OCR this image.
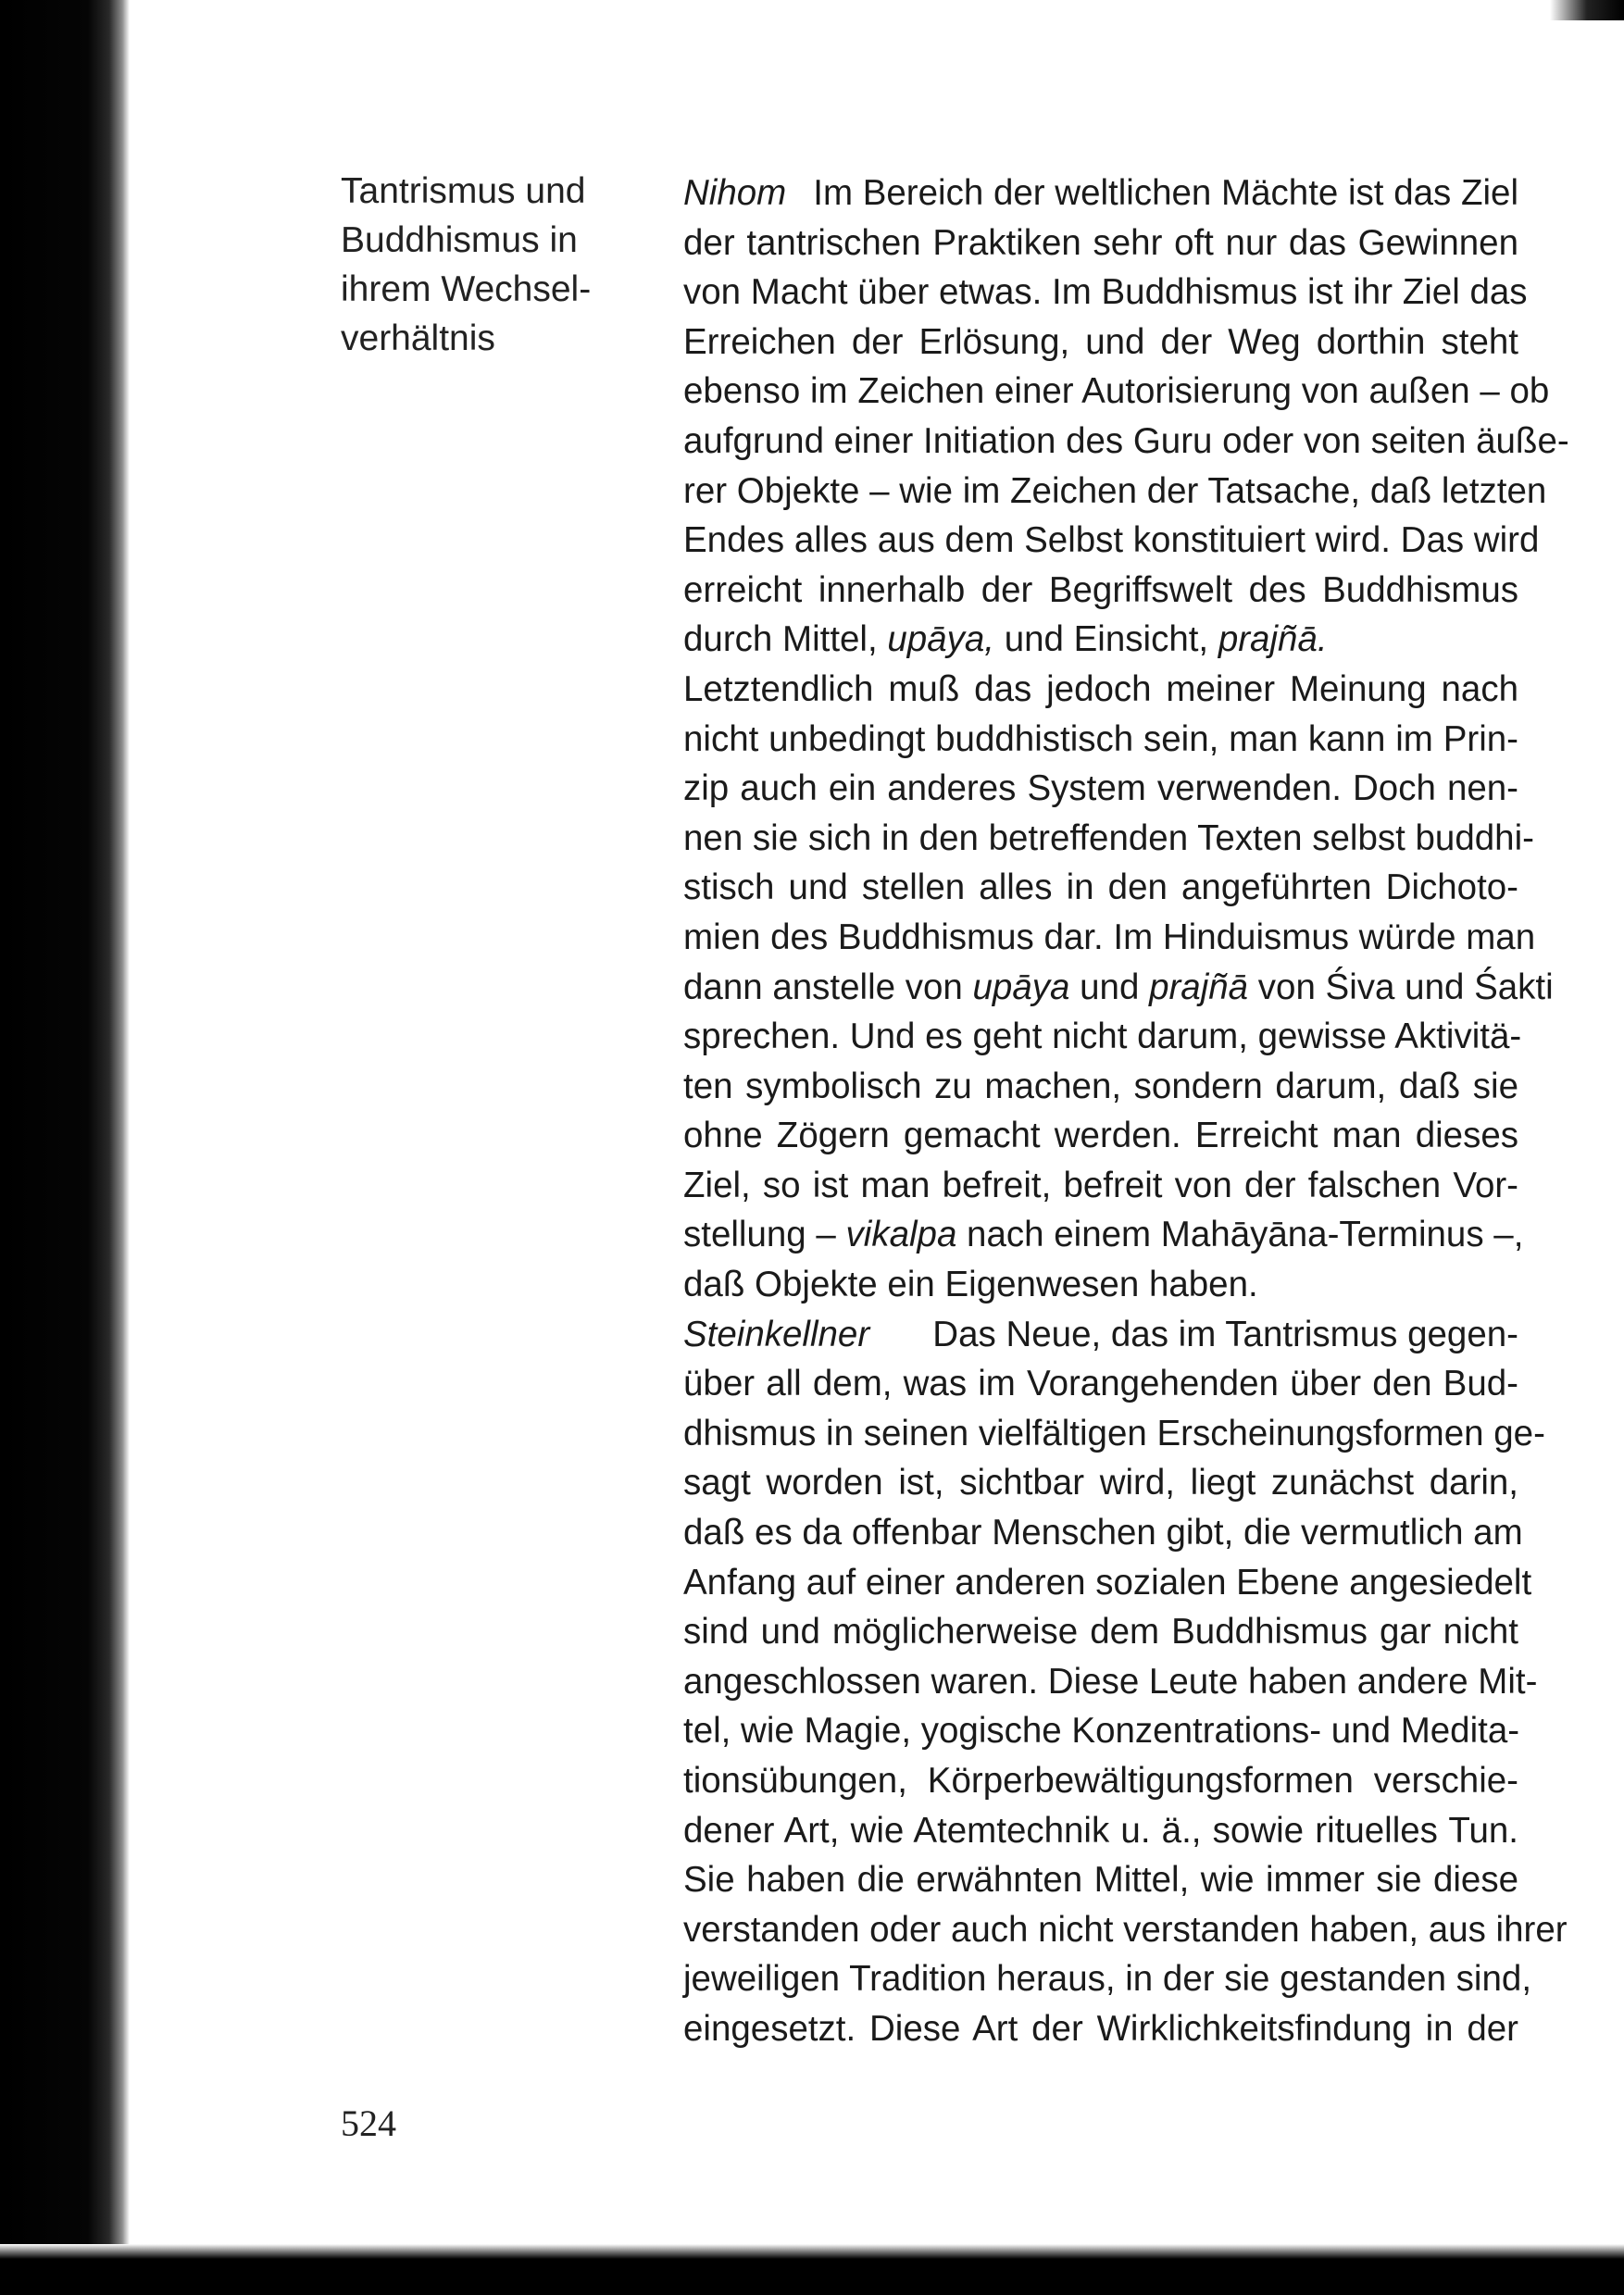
Tantrismus und
Buddhismus in
ihrem Wechsel-
verhältnis
Nihom Im Bereich der weltlichen Mächte ist das Ziel
der tantrischen Praktiken sehr oft nur das Gewinnen
von Macht über etwas. Im Buddhismus ist ihr Ziel das
Erreichen der Erlösung, und der Weg dorthin steht
ebenso im Zeichen einer Autorisierung von außen – ob
aufgrund einer Initiation des Guru oder von seiten äuße-
rer Objekte – wie im Zeichen der Tatsache, daß letzten
Endes alles aus dem Selbst konstituiert wird. Das wird
erreicht innerhalb der Begriffswelt des Buddhismus
durch Mittel, upāya, und Einsicht, prajñā.
Letztendlich muß das jedoch meiner Meinung nach
nicht unbedingt buddhistisch sein, man kann im Prin-
zip auch ein anderes System verwenden. Doch nen-
nen sie sich in den betreffenden Texten selbst buddhi-
stisch und stellen alles in den angeführten Dichoto-
mien des Buddhismus dar. Im Hinduismus würde man
dann anstelle von upāya und prajñā von Śiva und Śakti
sprechen. Und es geht nicht darum, gewisse Aktivitä-
ten symbolisch zu machen, sondern darum, daß sie
ohne Zögern gemacht werden. Erreicht man dieses
Ziel, so ist man befreit, befreit von der falschen Vor-
stellung – vikalpa nach einem Mahāyāna-Terminus –,
daß Objekte ein Eigenwesen haben.
Steinkellner Das Neue, das im Tantrismus gegen-
über all dem, was im Vorangehenden über den Bud-
dhismus in seinen vielfältigen Erscheinungsformen ge-
sagt worden ist, sichtbar wird, liegt zunächst darin,
daß es da offenbar Menschen gibt, die vermutlich am
Anfang auf einer anderen sozialen Ebene angesiedelt
sind und möglicherweise dem Buddhismus gar nicht
angeschlossen waren. Diese Leute haben andere Mit-
tel, wie Magie, yogische Konzentrations- und Medita-
tionsübungen, Körperbewältigungsformen verschie-
dener Art, wie Atemtechnik u. ä., sowie rituelles Tun.
Sie haben die erwähnten Mittel, wie immer sie diese
verstanden oder auch nicht verstanden haben, aus ihrer
jeweiligen Tradition heraus, in der sie gestanden sind,
eingesetzt. Diese Art der Wirklichkeitsfindung in der
524
